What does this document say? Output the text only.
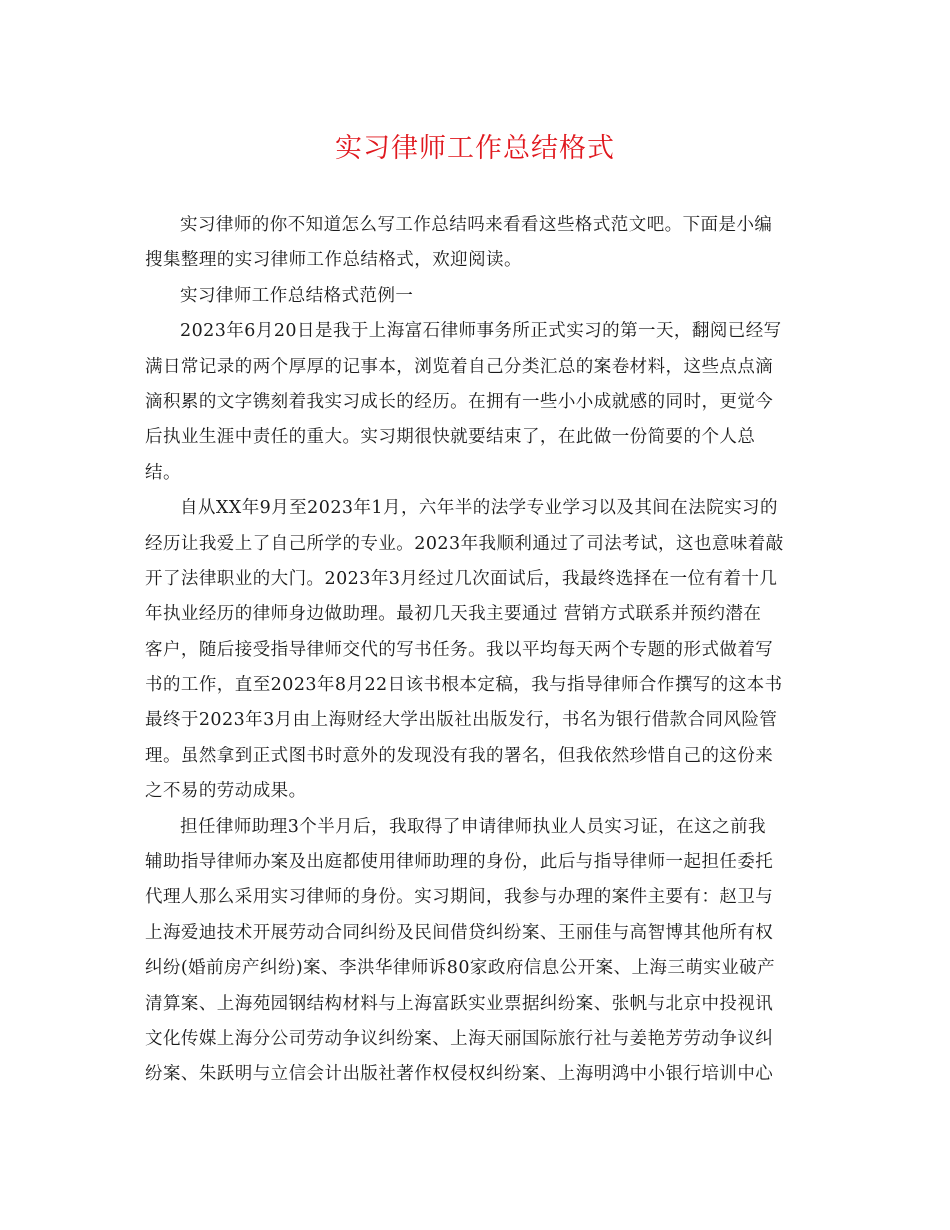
实习律师工作总结格式
实习律师的你不知道怎么写工作总结吗来看看这些格式范文吧。下面是小编
搜集整理的实习律师工作总结格式，欢迎阅读。
实习律师工作总结格式范例一
2023年6月20日是我于上海富石律师事务所正式实习的第一天，翻阅已经写
满日常记录的两个厚厚的记事本，浏览着自己分类汇总的案卷材料，这些点点滴
滴积累的文字镌刻着我实习成长的经历。在拥有一些小小成就感的同时，更觉今
后执业生涯中责任的重大。实习期很快就要结束了，在此做一份简要的个人总
结。
自从XX年9月至2023年1月，六年半的法学专业学习以及其间在法院实习的
经历让我爱上了自己所学的专业。2023年我顺利通过了司法考试，这也意味着敲
开了法律职业的大门。2023年3月经过几次面试后，我最终选择在一位有着十几
年执业经历的律师身边做助理。最初几天我主要通过 营销方式联系并预约潜在
客户，随后接受指导律师交代的写书任务。我以平均每天两个专题的形式做着写
书的工作，直至2023年8月22日该书根本定稿，我与指导律师合作撰写的这本书
最终于2023年3月由上海财经大学出版社出版发行，书名为银行借款合同风险管
理。虽然拿到正式图书时意外的发现没有我的署名，但我依然珍惜自己的这份来
之不易的劳动成果。
担任律师助理3个半月后，我取得了申请律师执业人员实习证，在这之前我
辅助指导律师办案及出庭都使用律师助理的身份，此后与指导律师一起担任委托
代理人那么采用实习律师的身份。实习期间，我参与办理的案件主要有：赵卫与
上海爱迪技术开展劳动合同纠纷及民间借贷纠纷案、王丽佳与高智博其他所有权
纠纷(婚前房产纠纷)案、李洪华律师诉80家政府信息公开案、上海三萌实业破产
清算案、上海苑园钢结构材料与上海富跃实业票据纠纷案、张帆与北京中投视讯
文化传媒上海分公司劳动争议纠纷案、上海天丽国际旅行社与姜艳芳劳动争议纠
纷案、朱跃明与立信会计出版社著作权侵权纠纷案、上海明鸿中小银行培训中心
